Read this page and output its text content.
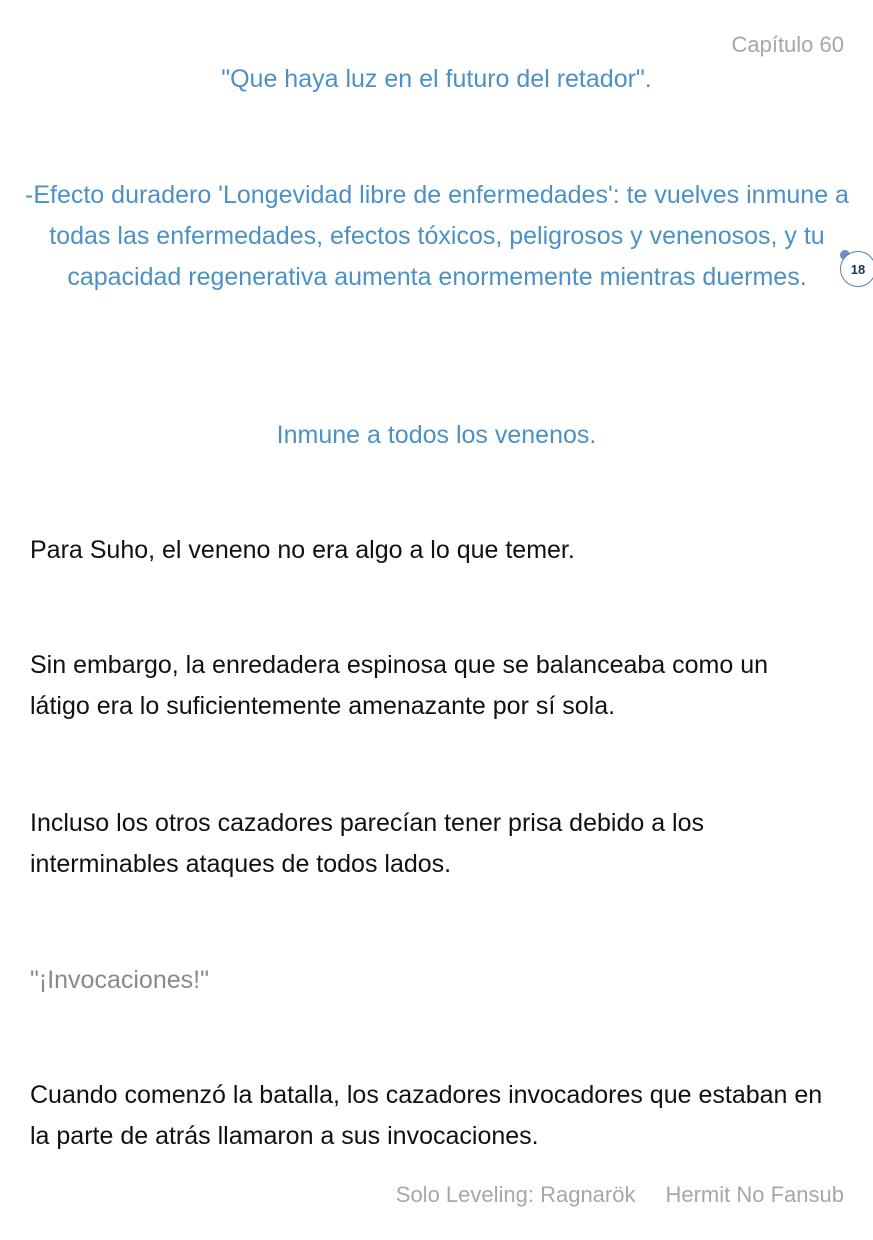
Capítulo 60
"Que haya luz en el futuro del retador".
-Efecto duradero 'Longevidad libre de enfermedades': te vuelves inmune a todas las enfermedades, efectos tóxicos, peligrosos y venenosos, y tu capacidad regenerativa aumenta enormemente mientras duermes.	18
Inmune a todos los venenos.
Para Suho, el veneno no era algo a lo que temer.
Sin embargo, la enredadera espinosa que se balanceaba como un látigo era lo suficientemente amenazante por sí sola.
Incluso los otros cazadores parecían tener prisa debido a los interminables ataques de todos lados.
"¡Invocaciones!"
Cuando comenzó la batalla, los cazadores invocadores que estaban en la parte de atrás llamaron a sus invocaciones.
Solo Leveling: Ragnarök Hermit No Fansub
